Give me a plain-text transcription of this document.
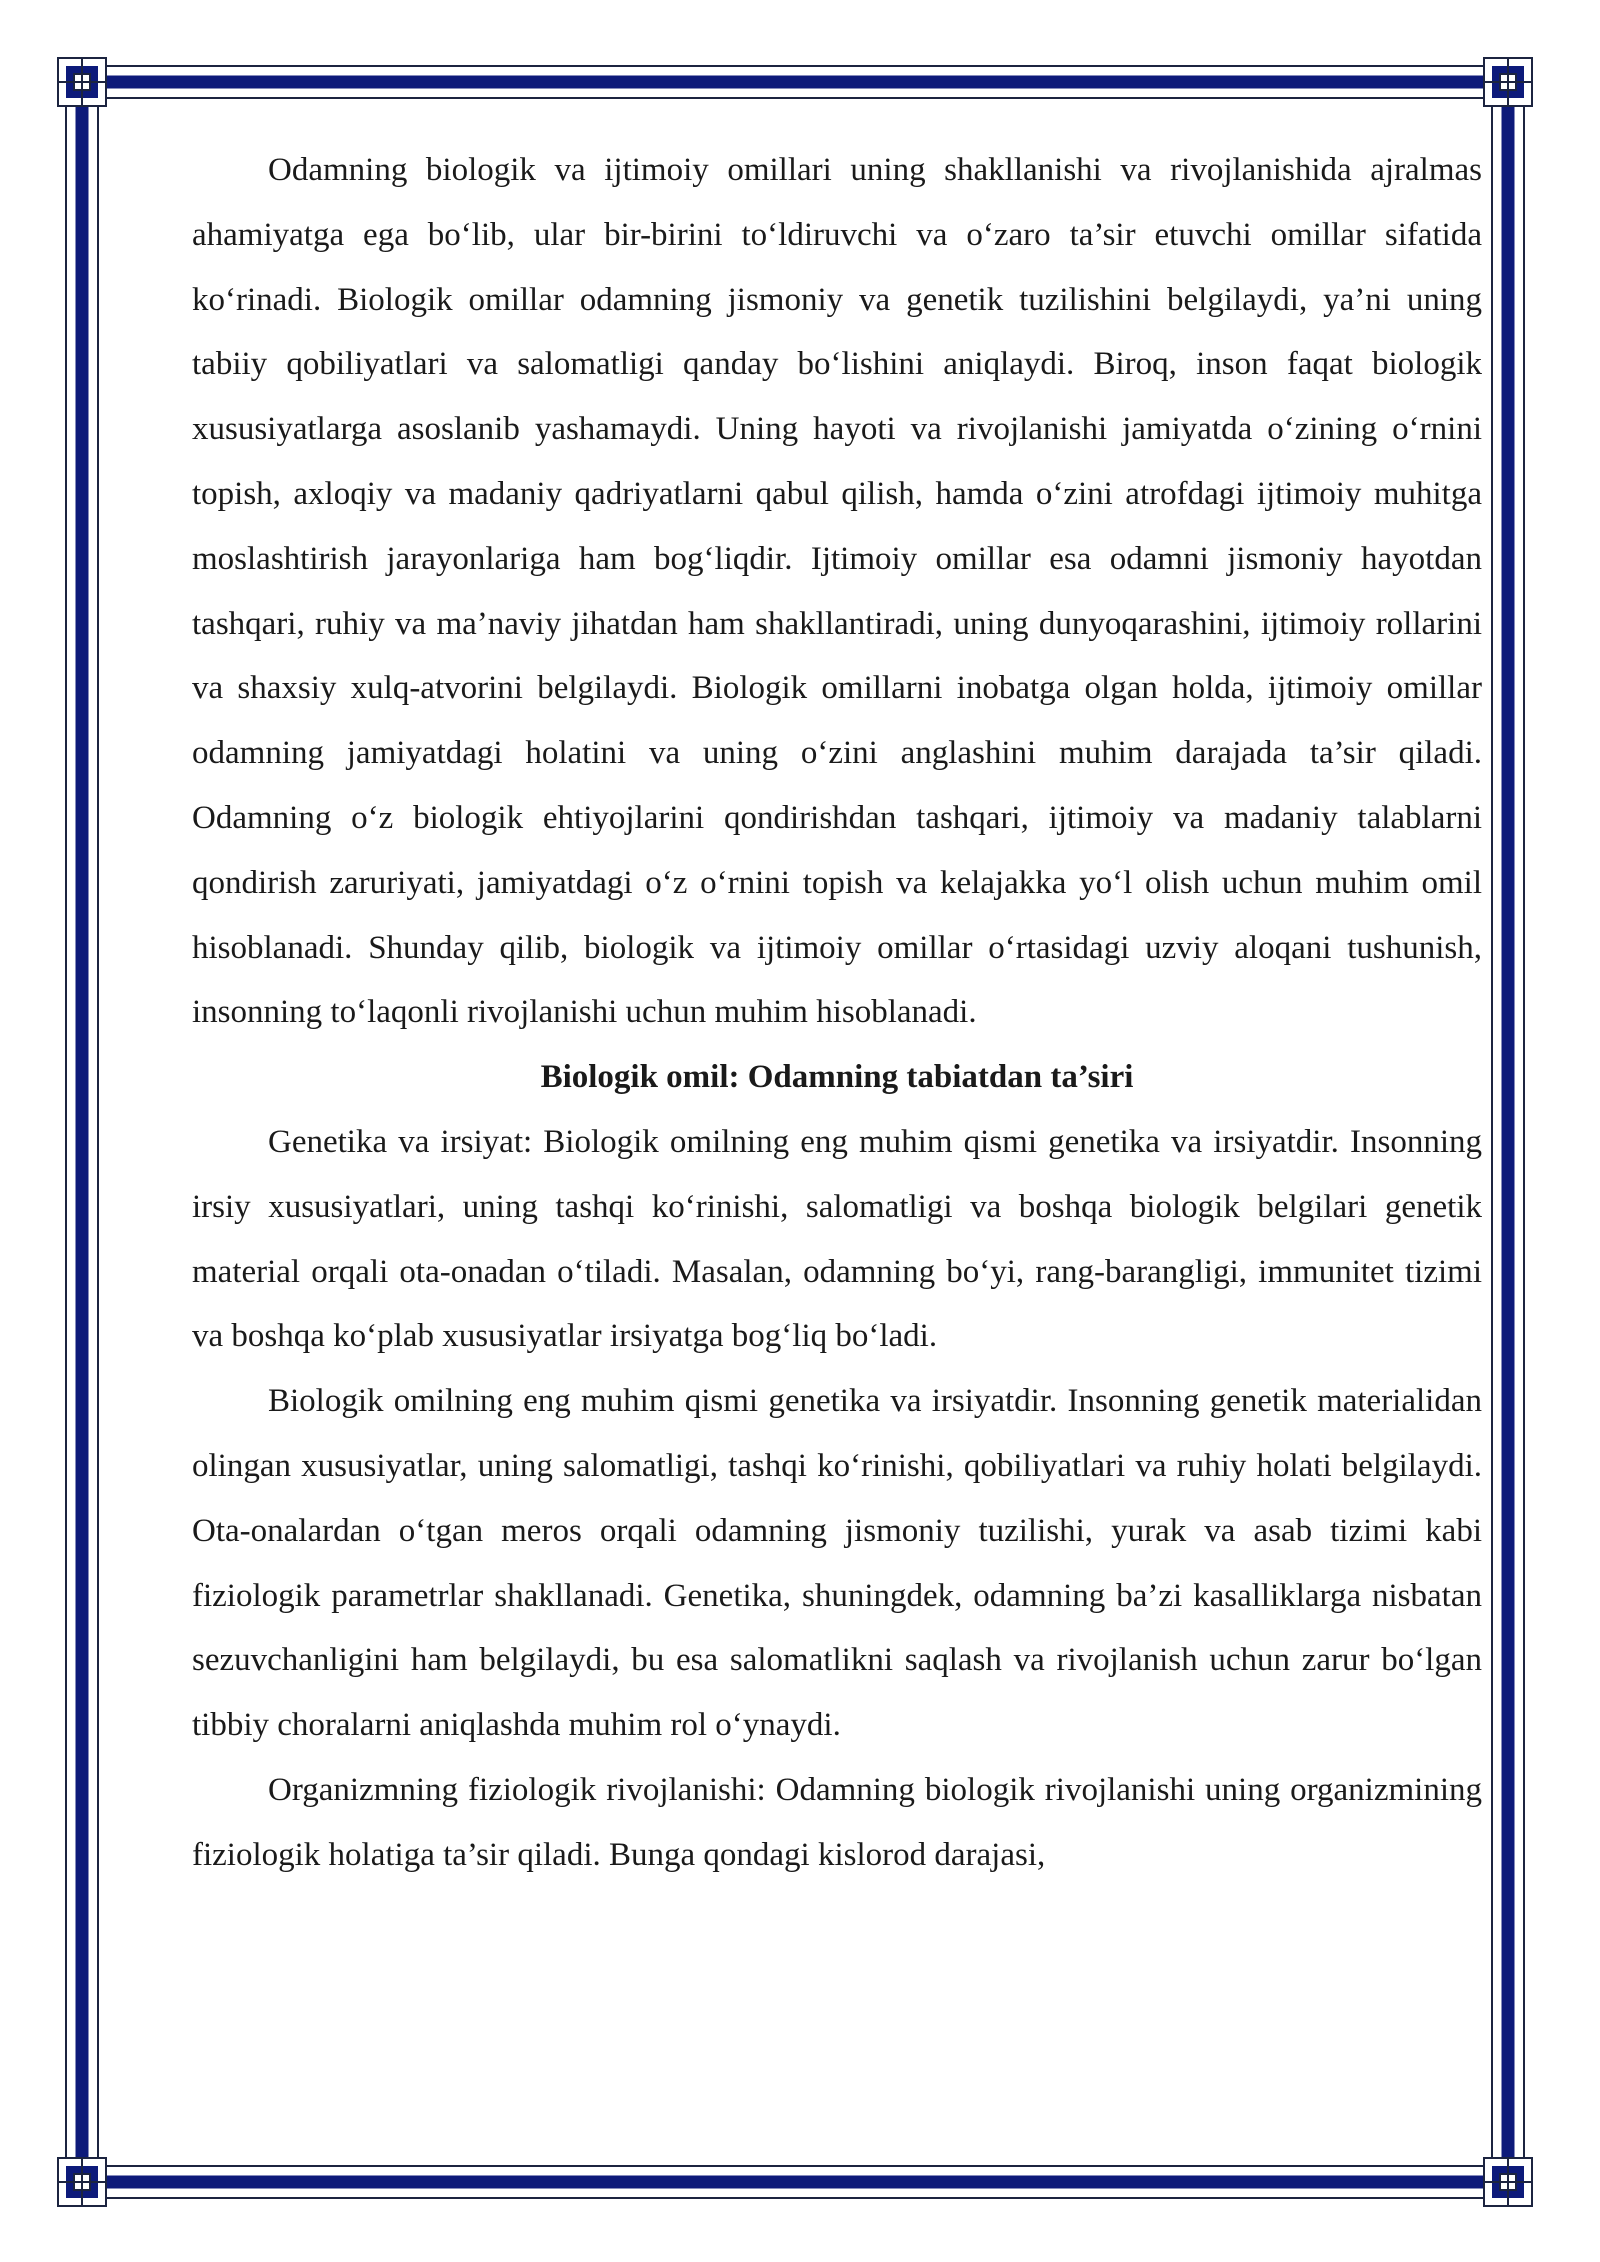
Odamning biologik va ijtimoiy omillari uning shakllanishi va rivojlanishida ajralmas ahamiyatga ega bo‘lib, ular bir-birini to‘ldiruvchi va o‘zaro ta’sir etuvchi omillar sifatida ko‘rinadi. Biologik omillar odamning jismoniy va genetik tuzilishini belgilaydi, ya’ni uning tabiiy qobiliyatlari va salomatligi qanday bo‘lishini aniqlaydi. Biroq, inson faqat biologik xususiyatlarga asoslanib yashamaydi. Uning hayoti va rivojlanishi jamiyatda o‘zining o‘rnini topish, axloqiy va madaniy qadriyatlarni qabul qilish, hamda o‘zini atrofdagi ijtimoiy muhitga moslashtirish jarayonlariga ham bog‘liqdir. Ijtimoiy omillar esa odamni jismoniy hayotdan tashqari, ruhiy va ma’naviy jihatdan ham shakllantiradi, uning dunyoqarashini, ijtimoiy rollarini va shaxsiy xulq-atvorini belgilaydi. Biologik omillarni inobatga olgan holda, ijtimoiy omillar odamning jamiyatdagi holatini va uning o‘zini anglashini muhim darajada ta’sir qiladi. Odamning o‘z biologik ehtiyojlarini qondirishdan tashqari, ijtimoiy va madaniy talablarni qondirish zaruriyati, jamiyatdagi o‘z o‘rnini topish va kelajakka yo‘l olish uchun muhim omil hisoblanadi. Shunday qilib, biologik va ijtimoiy omillar o‘rtasidagi uzviy aloqani tushunish, insonning to‘laqonli rivojlanishi uchun muhim hisoblanadi.

Biologik omil: Odamning tabiatdan ta’siri

Genetika va irsiyat: Biologik omilning eng muhim qismi genetika va irsiyatdir. Insonning irsiy xususiyatlari, uning tashqi ko‘rinishi, salomatligi va boshqa biologik belgilari genetik material orqali ota-onadan o‘tiladi. Masalan, odamning bo‘yi, rang-barangligi, immunitet tizimi va boshqa ko‘plab xususiyatlar irsiyatga bog‘liq bo‘ladi.

Biologik omilning eng muhim qismi genetika va irsiyatdir. Insonning genetik materialidan olingan xususiyatlar, uning salomatligi, tashqi ko‘rinishi, qobiliyatlari va ruhiy holati belgilaydi. Ota-onalardan o‘tgan meros orqali odamning jismoniy tuzilishi, yurak va asab tizimi kabi fiziologik parametrlar shakllanadi. Genetika, shuningdek, odamning ba’zi kasalliklarga nisbatan sezuvchanligini ham belgilaydi, bu esa salomatlikni saqlash va rivojlanish uchun zarur bo‘lgan tibbiy choralarni aniqlashda muhim rol o‘ynaydi.

Organizmning fiziologik rivojlanishi: Odamning biologik rivojlanishi uning organizmining fiziologik holatiga ta’sir qiladi. Bunga qondagi kislorod darajasi,
